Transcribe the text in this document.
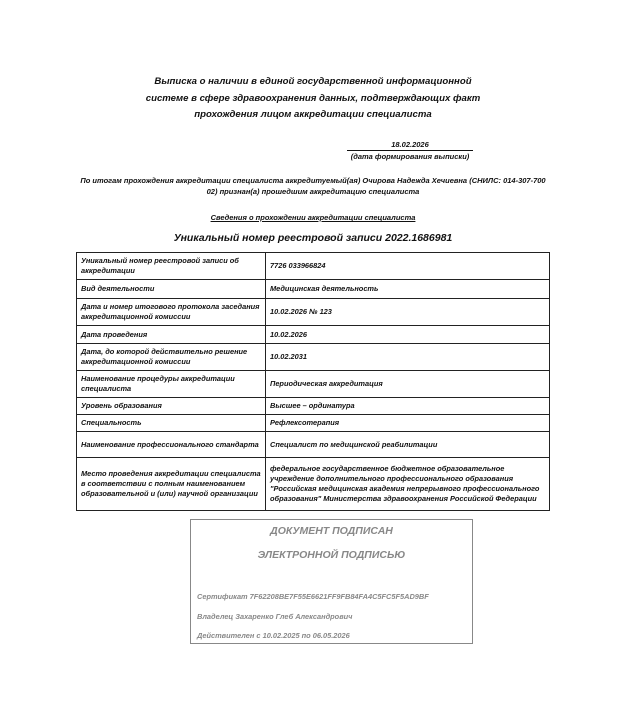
Выписка о наличии в единой государственной информационной
системе в сфере здравоохранения данных, подтверждающих факт
прохождения лицом аккредитации специалиста
18.02.2026
(дата формирования выписки)
По итогам прохождения аккредитации специалиста аккредитуемый(ая) Очирова Надежда Хечиевна (СНИЛС: 014-307-700 02) признан(а) прошедшим аккредитацию специалиста
Сведения о прохождении аккредитации специалиста
Уникальный номер реестровой записи 2022.1686981
Уникальный номер реестровой записи об аккредитации	7726 033966824
Вид деятельности	Медицинская деятельность
Дата и номер итогового протокола заседания аккредитационной комиссии	10.02.2026 № 123
Дата проведения	10.02.2026
Дата, до которой действительно решение аккредитационной комиссии	10.02.2031
Наименование процедуры аккредитации специалиста	Периодическая аккредитация
Уровень образования	Высшее – ординатура
Специальность	Рефлексотерапия
Наименование профессионального стандарта	Специалист по медицинской реабилитации
Место проведения аккредитации специалиста в соответствии с полным наименованием образовательной и (или) научной организации	федеральное государственное бюджетное образовательное учреждение дополнительного профессионального образования "Российская медицинская академия непрерывного профессионального образования" Министерства здравоохранения Российской Федерации
ДОКУМЕНТ ПОДПИСАН
ЭЛЕКТРОННОЙ ПОДПИСЬЮ
Сертификат 7F62208BE7F55E6621FF9FB84FA4C5FC5F5AD9BF
Владелец Захаренко Глеб Александрович
Действителен с 10.02.2025 по 06.05.2026
